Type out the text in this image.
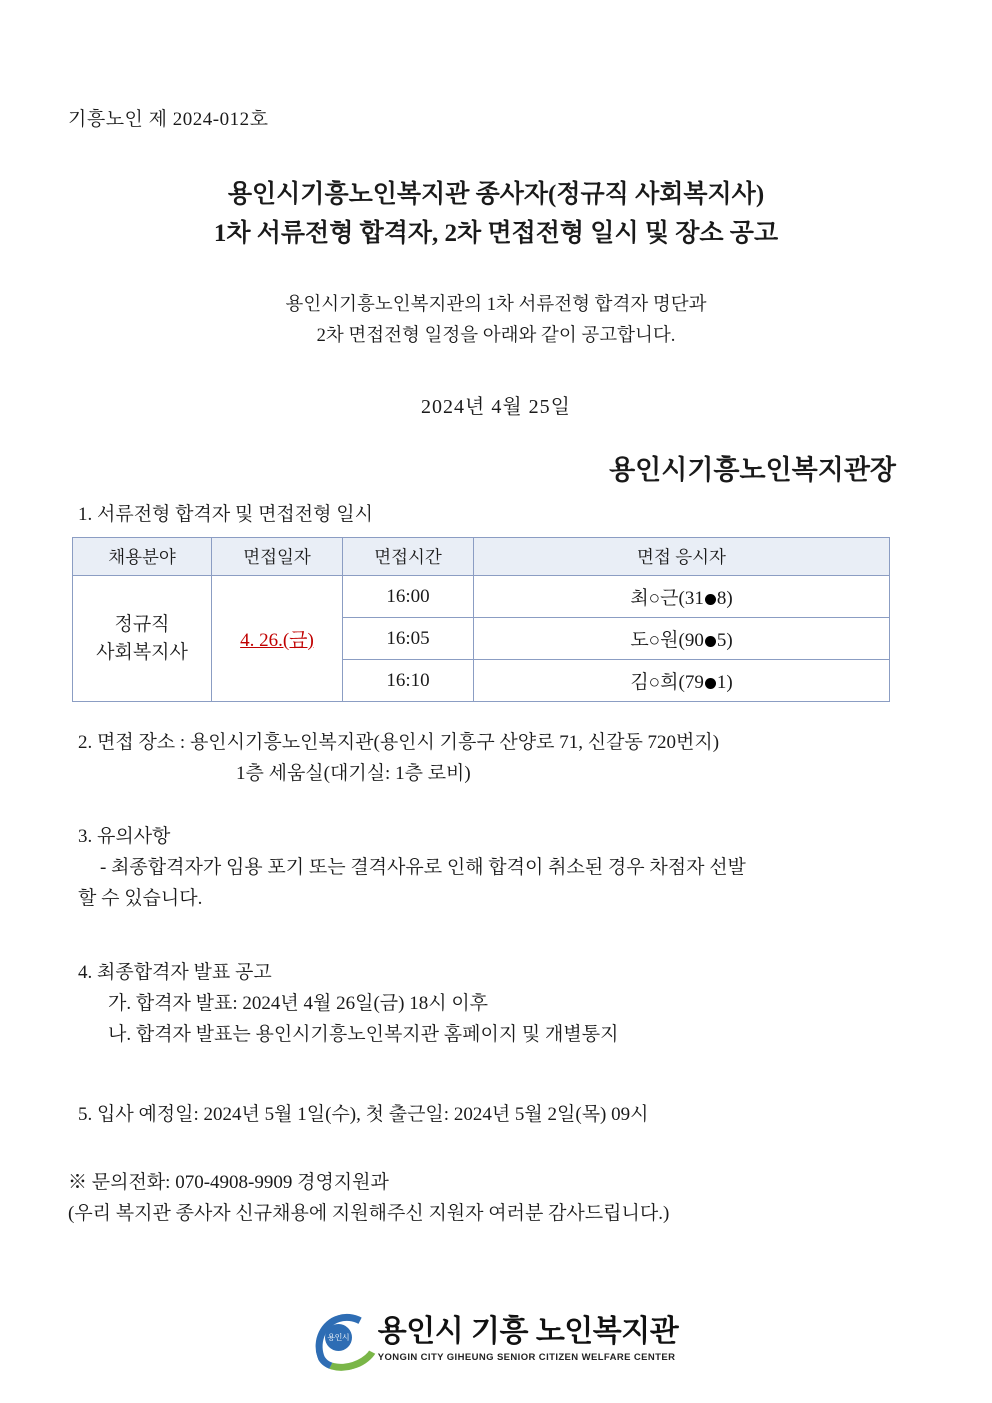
기흥노인 제 2024-012호
용인시기흥노인복지관 종사자(정규직 사회복지사)
1차 서류전형 합격자, 2차 면접전형 일시 및 장소 공고
용인시기흥노인복지관의 1차 서류전형 합격자 명단과
2차 면접전형 일정을 아래와 같이 공고합니다.
2024년 4월 25일
용인시기흥노인복지관장
1. 서류전형 합격자 및 면접전형 일시
채용분야	면접일자	면접시간	면접 응시자

정규직
사회복지사	4. 26.(금)	16:00	최○근(31 8)
		16:05	도○원(90 5)
		16:10	김○희(79 1)
2. 면접 장소 : 용인시기흥노인복지관(용인시 기흥구 산양로 71, 신갈동 720번지)
1층 세움실(대기실: 1층 로비)
3. 유의사항
- 최종합격자가 임용 포기 또는 결격사유로 인해 합격이 취소된 경우 차점자 선발
할 수 있습니다.
4. 최종합격자 발표 공고
가. 합격자 발표: 2024년 4월 26일(금) 18시 이후
나. 합격자 발표는 용인시기흥노인복지관 홈페이지 및 개별통지
5. 입사 예정일: 2024년 5월 1일(수), 첫 출근일: 2024년 5월 2일(목) 09시
※ 문의전화: 070-4908-9909 경영지원과
(우리 복지관 종사자 신규채용에 지원해주신 지원자 여러분 감사드립니다.)
용인시 용인시 기흥 노인복지관
YONGIN CITY GIHEUNG SENIOR CITIZEN WELFARE CENTER
